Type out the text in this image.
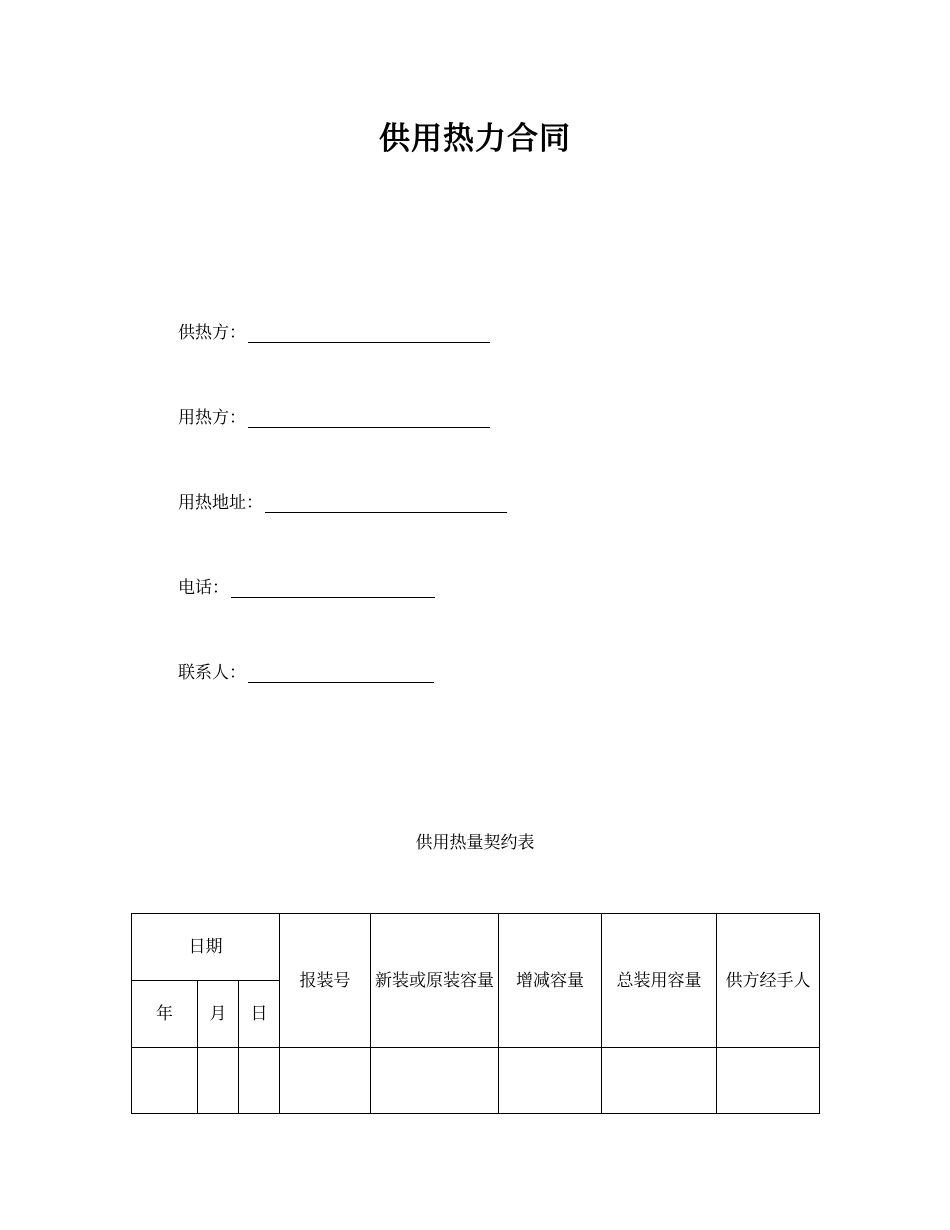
供用热力合同
供热方：
用热方：
用热地址：
电话：
联系人：
供用热量契约表
日期			报装号	新装或原装容量	增减容量	总装用容量	供方经手人
年	月	日					
